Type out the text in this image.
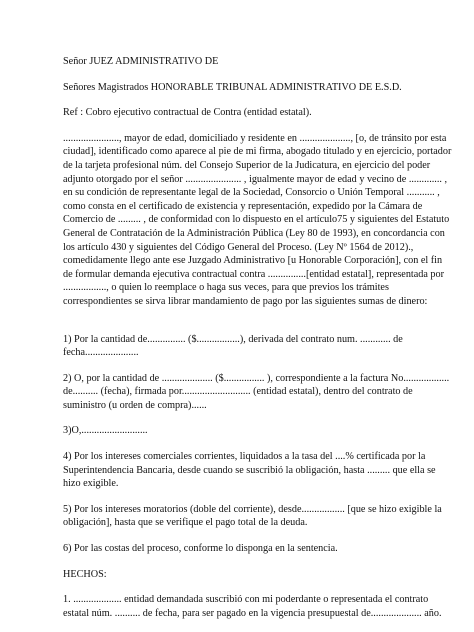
Señor JUEZ ADMINISTRATIVO DE

Señores Magistrados HONORABLE TRIBUNAL ADMINISTRATIVO DE E.S.D.

Ref : Cobro ejecutivo contractual de Contra (entidad estatal).

......................, mayor de edad, domiciliado y residente en ...................., [o, de tránsito por esta ciudad], identificado como aparece al pie de mi firma, abogado titulado y en ejercicio, portador de la tarjeta profesional núm. del Consejo Superior de la Judicatura, en ejercicio del poder adjunto otorgado por el señor ...................... , igualmente mayor de edad y vecino de ............. , en su condición de representante legal de la Sociedad, Consorcio o Unión Temporal ........... , como consta en el certificado de existencia y representación, expedido por la Cámara de Comercio de ......... , de conformidad con lo dispuesto en el artículo75 y siguientes del Estatuto General de Contratación de la Administración Pública (Ley 80 de 1993), en concordancia con los artículo 430 y siguientes del Código General del Proceso. (Ley Nº 1564 de 2012)., comedidamente llego ante ese Juzgado Administrativo [u Honorable Corporación], con el fin de formular demanda ejecutiva contractual contra ...............[entidad estatal], representada por ................., o quien lo reemplace o haga sus veces, para que previos los trámites correspondientes se sirva librar mandamiento de pago por las siguientes sumas de dinero:

1) Por la cantidad de............... ($.................), derivada del contrato num. ............ de fecha.....................

2) O, por la cantidad de .................... ($................ ), correspondiente a la factura No.................. de.......... (fecha), firmada por........................... (entidad estatal), dentro del contrato de suministro (u orden de compra)......

3)O,..........................

4) Por los intereses comerciales corrientes, liquidados a la tasa del ....% certificada por la Superintendencia Bancaria, desde cuando se suscribió la obligación, hasta ......... que ella se hizo exigible.

5) Por los intereses moratorios (doble del corriente), desde................. [que se hizo exigible la obligación], hasta que se verifique el pago total de la deuda.

6) Por las costas del proceso, conforme lo disponga en la sentencia.

HECHOS:

1. ................... entidad demandada suscribió con mi poderdante o representada el contrato estatal núm. .......... de fecha, para ser pagado en la vigencia presupuestal de.................... año.
